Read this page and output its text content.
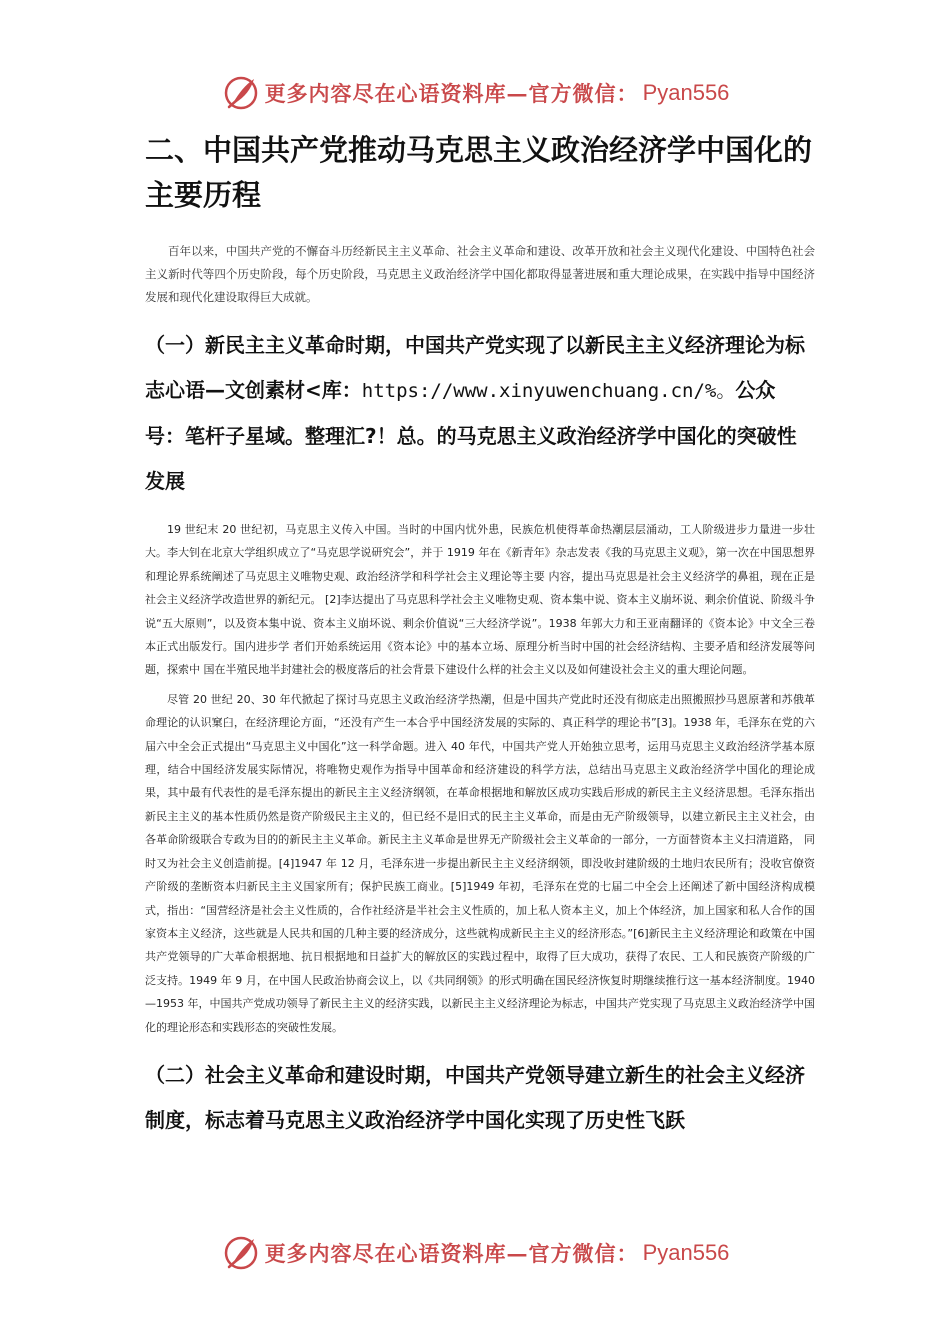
更多内容尽在心语资料库—官方微信： Pyan556
二、中国共产党推动马克思主义政治经济学中国化的主要历程

百年以来，中国共产党的不懈奋斗历经新民主主义革命、社会主义革命和建设、改革开放和社会主义现代化建设、中国特色社会主义新时代等四个历史阶段，每个历史阶段，马克思主义政治经济学中国化都取得显著进展和重大理论成果，在实践中指导中国经济发展和现代化建设取得巨大成就。

（一）新民主主义革命时期，中国共产党实现了以新民主主义经济理论为标志心语—文创素材<库：https://www.xinyuwenchuang.cn/%。公众号：笔杆子星域。整理汇?！总。的马克思主义政治经济学中国化的突破性发展

19 世纪末 20 世纪初，马克思主义传入中国。当时的中国内忧外患，民族危机使得革命热潮层层涌动，工人阶级进步力量进一步壮大。李大钊在北京大学组织成立了“马克思学说研究会”，并于 1919 年在《新青年》杂志发表《我的马克思主义观》，第一次在中国思想界和理论界系统阐述了马克思主义唯物史观、政治经济学和科学社会主义理论等主要 内容，提出马克思是社会主义经济学的鼻祖，现在正是社会主义经济学改造世界的新纪元。 [2]李达提出了马克思科学社会主义唯物史观、资本集中说、资本主义崩坏说、剩余价值说、阶级斗争说“五大原则”，以及资本集中说、资本主义崩坏说、剩余价值说“三大经济学说”。1938 年郭大力和王亚南翻译的《资本论》中文全三卷本正式出版发行。国内进步学 者们开始系统运用《资本论》中的基本立场、原理分析当时中国的社会经济结构、主要矛盾和经济发展等问题，探索中 国在半殖民地半封建社会的极度落后的社会背景下建设什么样的社会主义以及如何建设社会主义的重大理论问题。

尽管 20 世纪 20、30 年代掀起了探讨马克思主义政治经济学热潮，但是中国共产党此时还没有彻底走出照搬照抄马恩原著和苏俄革命理论的认识窠臼，在经济理论方面，“还没有产生一本合乎中国经济发展的实际的、真正科学的理论书”[3]。1938 年，毛泽东在党的六届六中全会正式提出“马克思主义中国化”这一科学命题。进入 40 年代，中国共产党人开始独立思考，运用马克思主义政治经济学基本原理，结合中国经济发展实际情况，将唯物史观作为指导中国革命和经济建设的科学方法，总结出马克思主义政治经济学中国化的理论成果，其中最有代表性的是毛泽东提出的新民主主义经济纲领，在革命根据地和解放区成功实践后形成的新民主主义经济思想。毛泽东指出新民主主义的基本性质仍然是资产阶级民主主义的，但已经不是旧式的民主主义革命，而是由无产阶级领导，以建立新民主主义社会，由各革命阶级联合专政为目的的新民主主义革命。新民主主义革命是世界无产阶级社会主义革命的一部分，一方面替资本主义扫清道路， 同时又为社会主义创造前提。[4]1947 年 12 月，毛泽东进一步提出新民主主义经济纲领，即没收封建阶级的土地归农民所有；没收官僚资产阶级的垄断资本归新民主主义国家所有；保护民族工商业。[5]1949 年初，毛泽东在党的七届二中全会上还阐述了新中国经济构成模式，指出：“国营经济是社会主义性质的，合作社经济是半社会主义性质的，加上私人资本主义，加上个体经济，加上国家和私人合作的国家资本主义经济，这些就是人民共和国的几种主要的经济成分，这些就构成新民主主义的经济形态。”[6]新民主主义经济理论和政策在中国共产党领导的广大革命根据地、抗日根据地和日益扩大的解放区的实践过程中，取得了巨大成功，获得了农民、工人和民族资产阶级的广泛支持。1949 年 9 月，在中国人民政治协商会议上，以《共同纲领》的形式明确在国民经济恢复时期继续推行这一基本经济制度。1940—1953 年，中国共产党成功领导了新民主主义的经济实践，以新民主主义经济理论为标志，中国共产党实现了马克思主义政治经济学中国化的理论形态和实践形态的突破性发展。

（二）社会主义革命和建设时期，中国共产党领导建立新生的社会主义经济制度，标志着马克思主义政治经济学中国化实现了历史性飞跃
更多内容尽在心语资料库—官方微信： Pyan556
